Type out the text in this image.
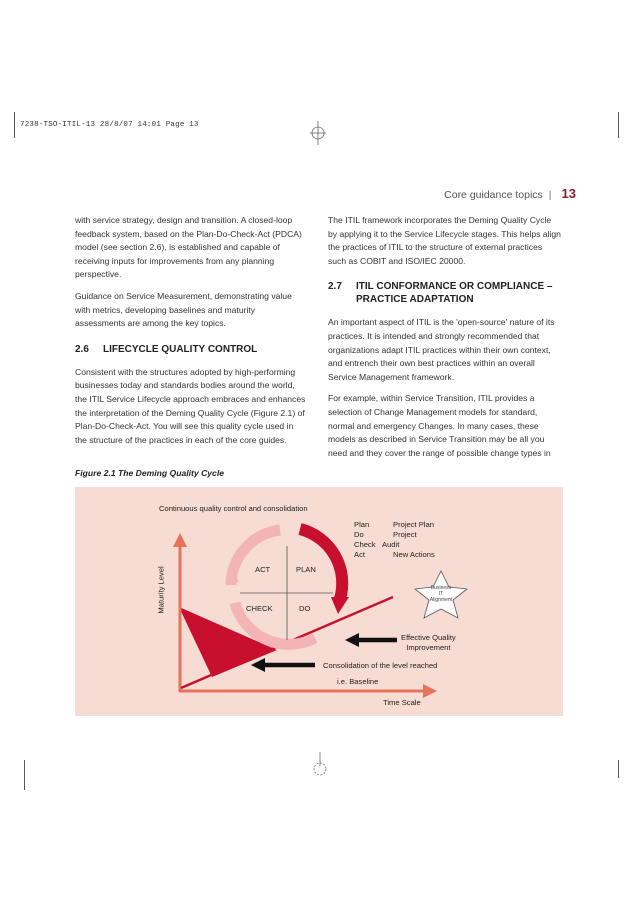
7238-TSO-ITIL-13 28/8/07 14:01 Page 13
Core guidance topics | 13

with service strategy, design and transition. A closed-loop feedback system, based on the Plan-Do-Check-Act (PDCA) model (see section 2.6), is established and capable of receiving inputs for improvements from any planning perspective.

Guidance on Service Measurement, demonstrating value with metrics, developing baselines and maturity assessments are among the key topics.

2.6	LIFECYCLE QUALITY CONTROL

Consistent with the structures adopted by high-performing businesses today and standards bodies around the world, the ITIL Service Lifecycle approach embraces and enhances the interpretation of the Deming Quality Cycle (Figure 2.1) of Plan-Do-Check-Act. You will see this quality cycle used in the structure of the practices in each of the core guides.

The ITIL framework incorporates the Deming Quality Cycle by applying it to the Service Lifecycle stages. This helps align the practices of ITIL to the structure of external practices such as COBIT and ISO/IEC 20000.

2.7	ITIL CONFORMANCE OR COMPLIANCE – PRACTICE ADAPTATION

An important aspect of ITIL is the 'open-source' nature of its practices. It is intended and strongly recommended that organizations adapt ITIL practices within their own context, and entrench their own best practices within an overall Service Management framework.

For example, within Service Transition, ITIL provides a selection of Change Management models for standard, normal and emergency Changes. In many cases, these models as described in Service Transition may be all you need and they cover the range of possible change types in

Figure 2.1 The Deming Quality Cycle
Continuous quality control and consolidation
Plan	Project Plan
Do	Project
Check Audit
Act	New Actions
ACT	PLAN
CHECK	DO
Business
IT
Alignment
Effective Quality
Improvement
Consolidation of the level reached
i.e. Baseline
Maturity Level
Time Scale
